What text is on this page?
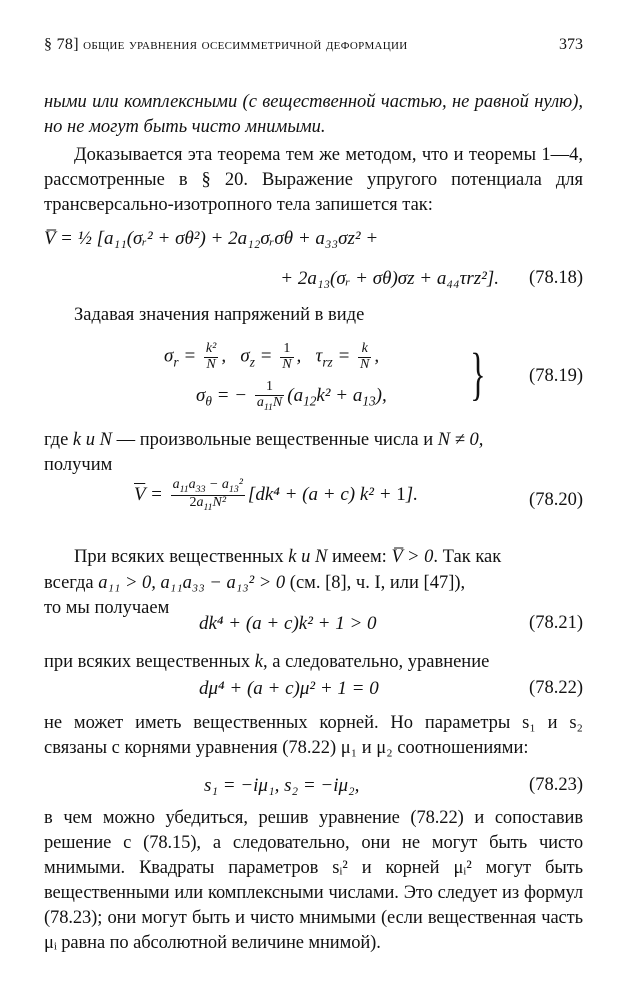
§ 78] общие уравнения осесимметричной деформации	373
ными или комплексными (с вещественной частью, не равной нулю), но не могут быть чисто мнимыми.
Доказывается эта теорема тем же методом, что и теоремы 1—4, рассмотренные в § 20. Выражение упругого потенциала для трансверсально-изотропного тела запишется так:
V̅ = ½ [a₁₁(σᵣ² + σθ²) + 2a₁₂σᵣσθ + a₃₃σz² +
+ 2a₁₃(σᵣ + σθ)σz + a₄₄τrz²]. (78.18)
Задавая значения напряжений в виде
$\sigma_r = \frac{\text{k²}}{N}$ ,   $\sigma_z = \frac{1}{N}$ ,   $\tau_{rz} = \frac{k}{N}$ ,
$\sigma_\theta$ = − $\frac{1}{a_{11}N} (a_{12}k^2 + a_{13})$, } (78.19)
где k и N — произвольные вещественные числа и N ≠ 0,
получим
$\overline{V} = \frac{a_{11}a_{33} - a_{13}^2}{2a_{11}N^2} [dk^4 + (a + c) k^2 + 1]$.	(78.20)
При всяких вещественных k и N имеем: V̅ > 0. Так как
всегда a₁₁ > 0, a₁₁a₃₃ − a₁₃² > 0 (см. [8], ч. I, или [47]),
то мы получаем
dk⁴ + (a + c)k² + 1 > 0	(78.21)
при всяких вещественных k, а следовательно, уравнение
dμ⁴ + (a + c)μ² + 1 = 0	(78.22)
не может иметь вещественных корней. Но параметры s₁ и s₂ связаны с корнями уравнения (78.22) μ₁ и μ₂ соотношениями:
s₁ = −iμ₁, s₂ = −iμ₂,	(78.23)
в чем можно убедиться, решив уравнение (78.22) и сопоставив решение с (78.15), а следовательно, они не могут быть чисто мнимыми. Квадраты параметров sᵢ² и корней μᵢ² могут быть вещественными или комплексными числами. Это следует из формул (78.23); они могут быть и чисто мнимыми (если вещественная часть μᵢ равна по абсолютной величине мнимой).
